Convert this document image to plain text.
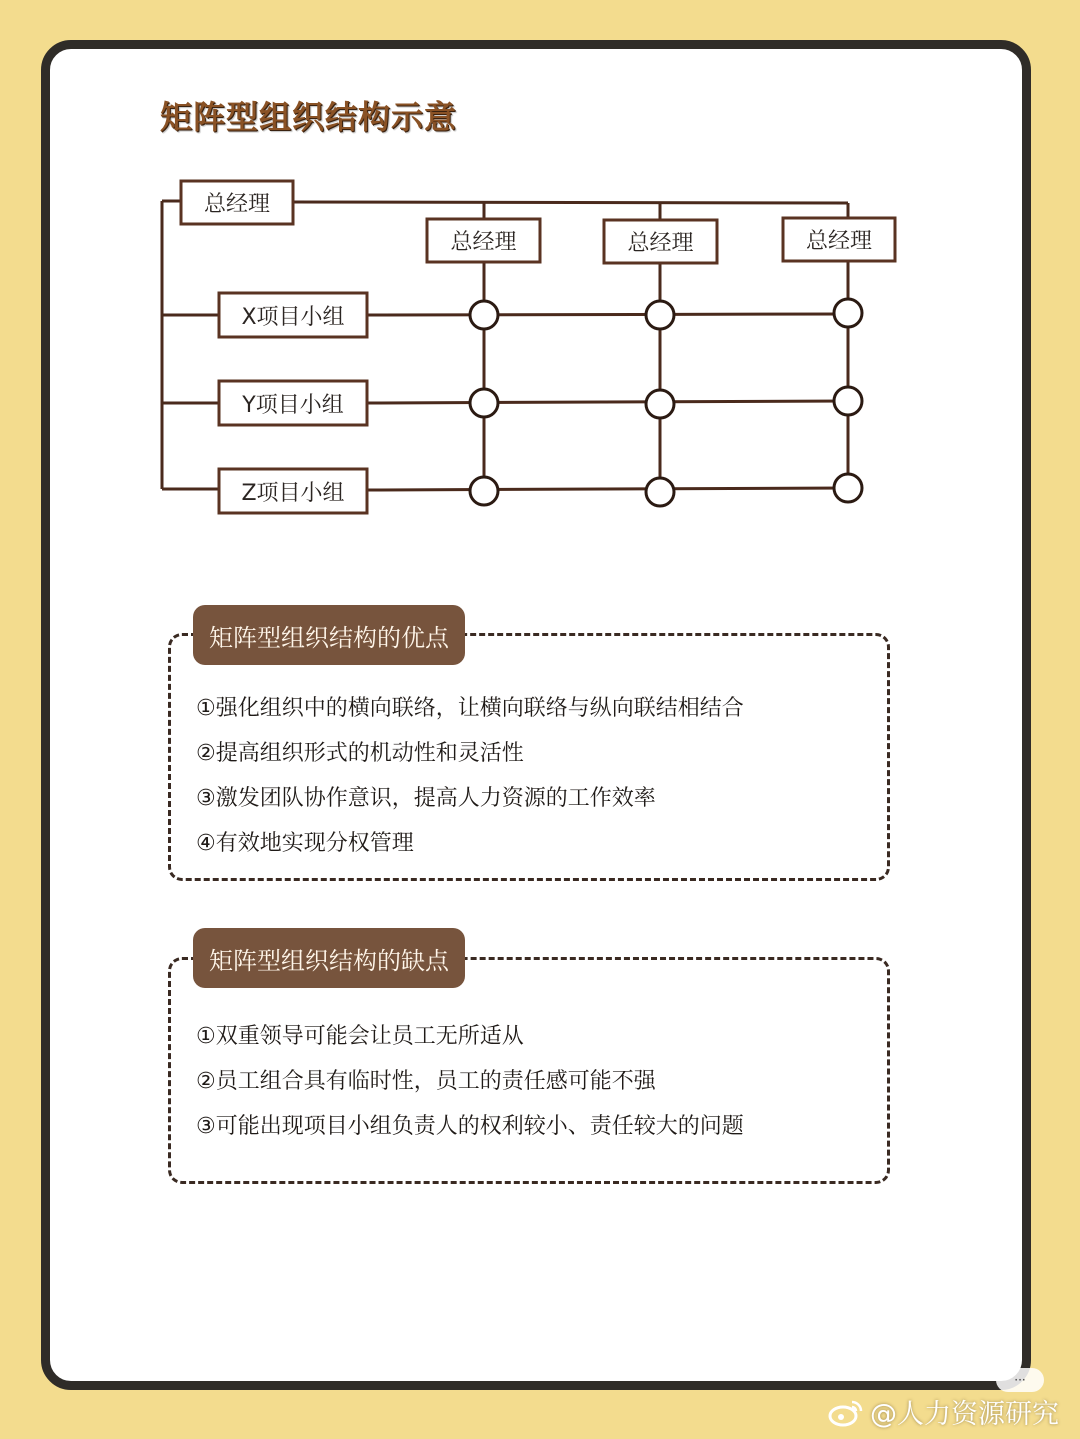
矩阵型组织结构示意
总经理
总经理	总经理	总经理
X项目小组
Y项目小组
Z项目小组
矩阵型组织结构的优点
①强化组织中的横向联络，让横向联络与纵向联结相结合
②提高组织形式的机动性和灵活性
③激发团队协作意识，提高人力资源的工作效率
④有效地实现分权管理
矩阵型组织结构的缺点
①双重领导可能会让员工无所适从
②员工组合具有临时性，员工的责任感可能不强
③可能出现项目小组负责人的权利较小、责任较大的问题
···
@人力资源研究
